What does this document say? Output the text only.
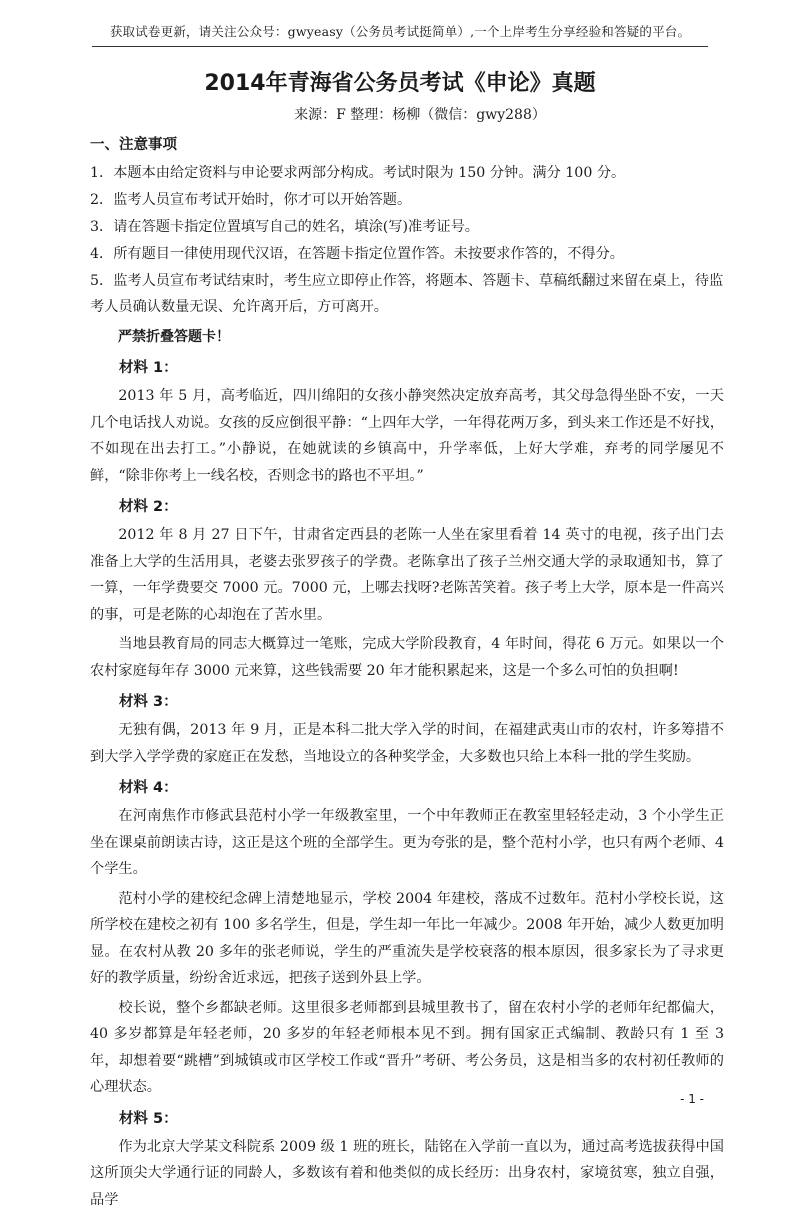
获取试卷更新，请关注公众号：gwyeasy（公务员考试挺简单）,一个上岸考生分享经验和答疑的平台。
2014年青海省公务员考试《申论》真题
来源：F 整理：杨柳（微信：gwy288）
一、注意事项
1．本题本由给定资料与申论要求两部分构成。考试时限为 150 分钟。满分 100 分。
2．监考人员宣布考试开始时，你才可以开始答题。
3．请在答题卡指定位置填写自己的姓名，填涂(写)准考证号。
4．所有题目一律使用现代汉语，在答题卡指定位置作答。未按要求作答的，不得分。
5．监考人员宣布考试结束时，考生应立即停止作答，将题本、答题卡、草稿纸翻过来留在桌上，待监考人员确认数量无误、允许离开后，方可离开。
严禁折叠答题卡！
材料 1：
2013 年 5 月，高考临近，四川绵阳的女孩小静突然决定放弃高考，其父母急得坐卧不安，一天几个电话找人劝说。女孩的反应倒很平静：“上四年大学，一年得花两万多，到头来工作还是不好找，不如现在出去打工。”小静说，在她就读的乡镇高中，升学率低，上好大学难，弃考的同学屡见不鲜，“除非你考上一线名校，否则念书的路也不平坦。”
材料 2：
2012 年 8 月 27 日下午，甘肃省定西县的老陈一人坐在家里看着 14 英寸的电视，孩子出门去准备上大学的生活用具，老婆去张罗孩子的学费。老陈拿出了孩子兰州交通大学的录取通知书，算了一算，一年学费要交 7000 元。7000 元，上哪去找呀?老陈苦笑着。孩子考上大学，原本是一件高兴的事，可是老陈的心却泡在了苦水里。
当地县教育局的同志大概算过一笔账，完成大学阶段教育，4 年时间，得花 6 万元。如果以一个农村家庭每年存 3000 元来算，这些钱需要 20 年才能积累起来，这是一个多么可怕的负担啊!
材料 3：
无独有偶，2013 年 9 月，正是本科二批大学入学的时间，在福建武夷山市的农村，许多筹措不到大学入学学费的家庭正在发愁，当地设立的各种奖学金，大多数也只给上本科一批的学生奖励。
材料 4：
在河南焦作市修武县范村小学一年级教室里，一个中年教师正在教室里轻轻走动，3 个小学生正坐在课桌前朗读古诗，这正是这个班的全部学生。更为夸张的是，整个范村小学，也只有两个老师、4 个学生。
范村小学的建校纪念碑上清楚地显示，学校 2004 年建校，落成不过数年。范村小学校长说，这所学校在建校之初有 100 多名学生，但是，学生却一年比一年减少。2008 年开始，减少人数更加明显。在农村从教 20 多年的张老师说，学生的严重流失是学校衰落的根本原因，很多家长为了寻求更好的教学质量，纷纷舍近求远，把孩子送到外县上学。
校长说，整个乡都缺老师。这里很多老师都到县城里教书了，留在农村小学的老师年纪都偏大，40 多岁都算是年轻老师，20 多岁的年轻老师根本见不到。拥有国家正式编制、教龄只有 1 至 3 年，却想着要“跳槽”到城镇或市区学校工作或“晋升”考研、考公务员，这是相当多的农村初任教师的心理状态。
材料 5：
作为北京大学某文科院系 2009 级 1 班的班长，陆铭在入学前一直以为，通过高考选拔获得中国这所顶尖大学通行证的同龄人，多数该有着和他类似的成长经历：出身农村，家境贫寒，独立自强，品学
- 1 -
